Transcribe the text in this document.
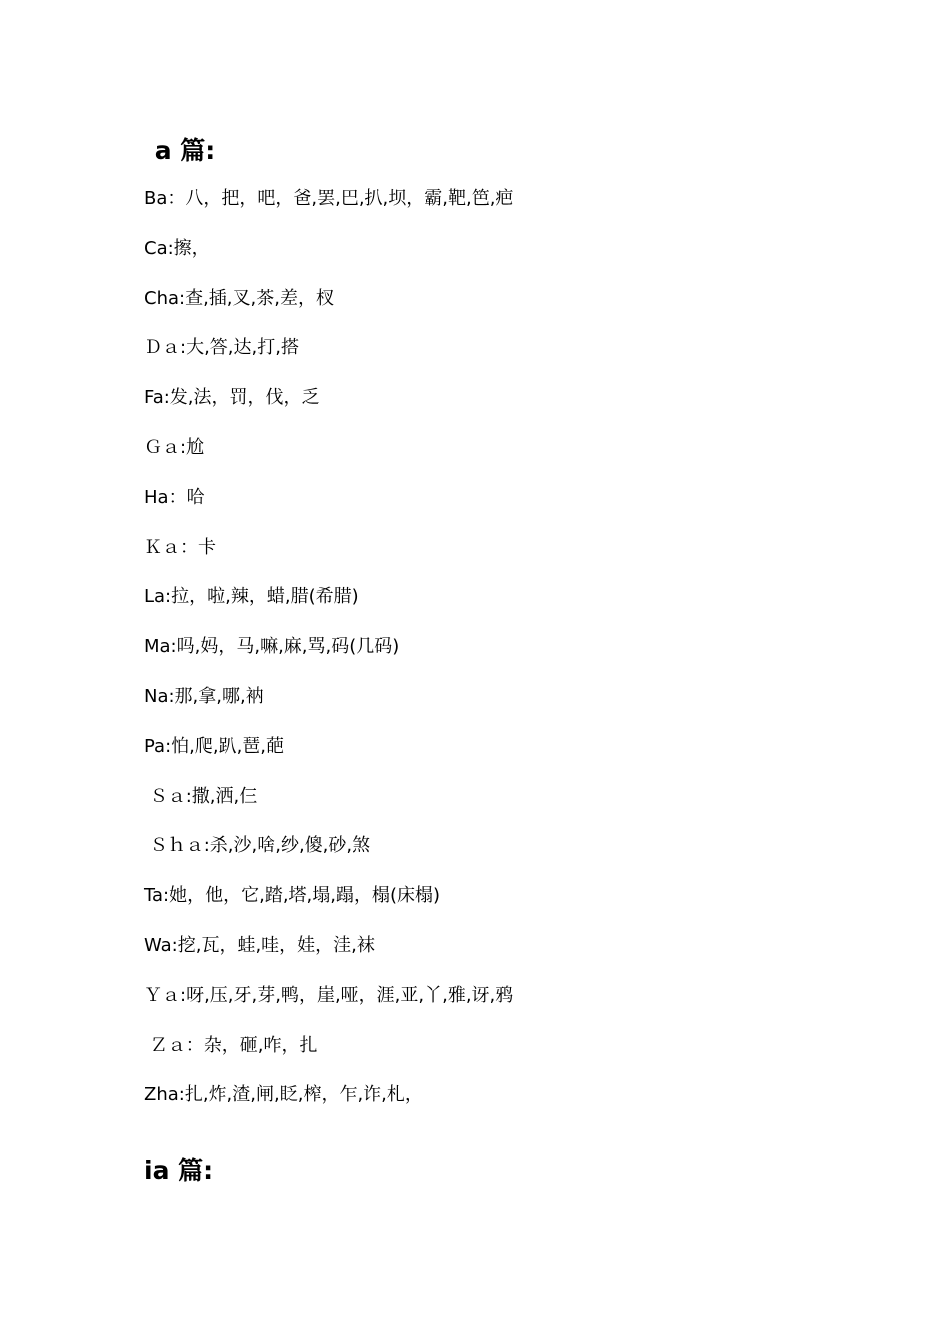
a 篇:
Ba：八，把，吧，爸,罢,巴,扒,坝，霸,靶,笆,疤
Ca:擦，
Cha:查,插,叉,茶,差，杈
Ｄａ:大,答,达,打,搭
Fa:发,法，罚，伐，乏
Ｇａ:尬
Ha：哈
Ｋａ：卡
La:拉，啦,辣，蜡,腊(希腊)
Ma:吗,妈，马,嘛,麻,骂,码(几码)
Na:那,拿,哪,衲
Pa:怕,爬,趴,琶,葩
Ｓａ:撒,洒,仨
Ｓｈａ:杀,沙,啥,纱,傻,砂,煞
Ta:她，他，它,踏,塔,塌,蹋，榻(床榻)
Wa:挖,瓦，蛙,哇，娃，洼,袜
Ｙａ:呀,压,牙,芽,鸭，崖,哑，涯,亚,丫,雅,讶,鸦
Ｚａ：杂，砸,咋，扎
Zha:扎,炸,渣,闸,眨,榨，乍,诈,札，
ia 篇:
